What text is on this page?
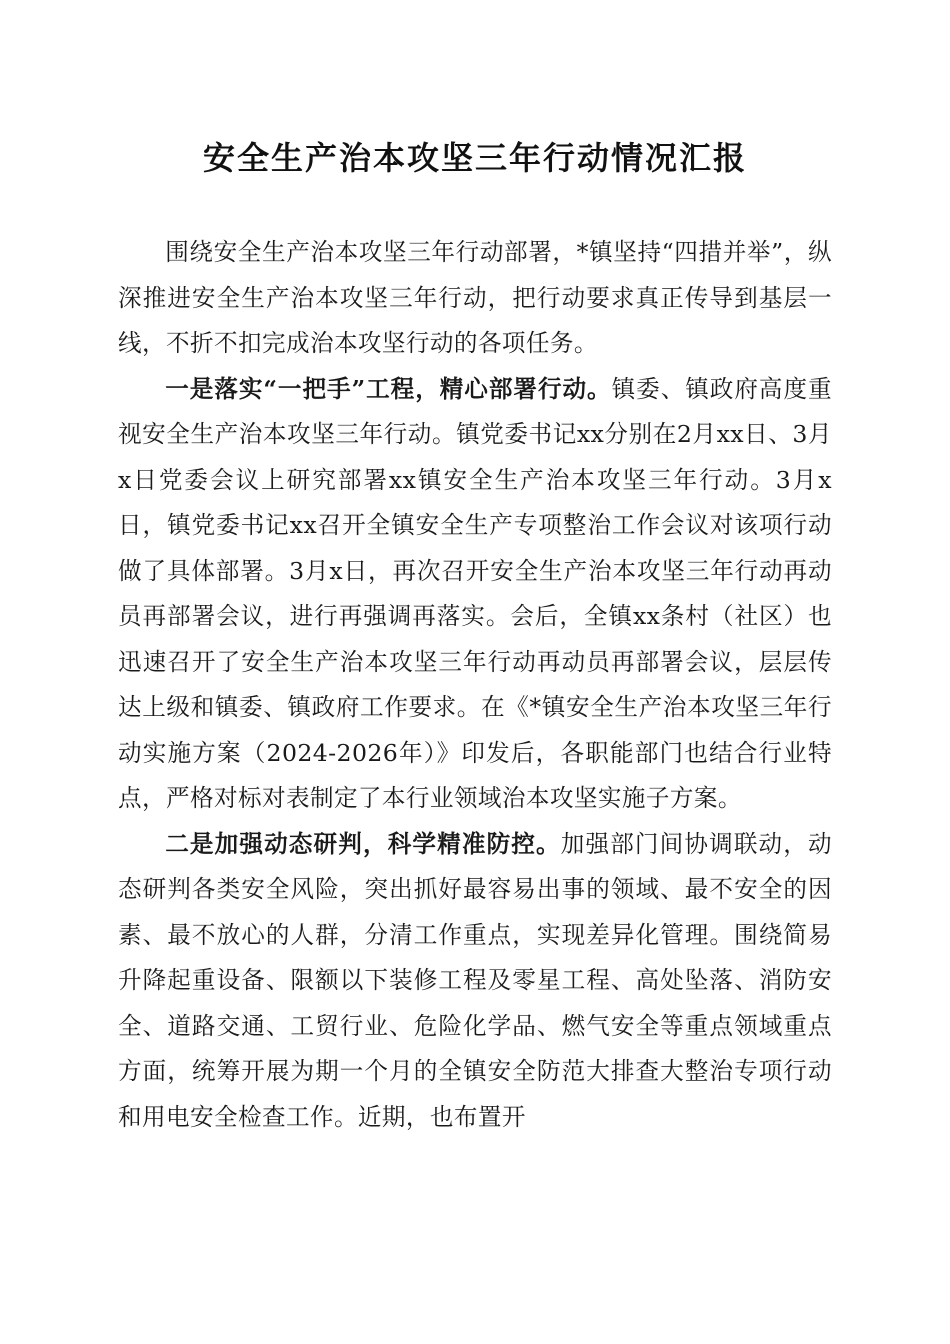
安全生产治本攻坚三年行动情况汇报

围绕安全生产治本攻坚三年行动部署，*镇坚持“四措并举”，纵深推进安全生产治本攻坚三年行动，把行动要求真正传导到基层一线，不折不扣完成治本攻坚行动的各项任务。

一是落实“一把手”工程，精心部署行动。镇委、镇政府高度重视安全生产治本攻坚三年行动。镇党委书记xx分别在2月xx日、3月x日党委会议上研究部署xx镇安全生产治本攻坚三年行动。3月x日，镇党委书记xx召开全镇安全生产专项整治工作会议对该项行动做了具体部署。3月x日，再次召开安全生产治本攻坚三年行动再动员再部署会议，进行再强调再落实。会后，全镇xx条村（社区）也迅速召开了安全生产治本攻坚三年行动再动员再部署会议，层层传达上级和镇委、镇政府工作要求。在《*镇安全生产治本攻坚三年行动实施方案（2024-2026年）》印发后，各职能部门也结合行业特点，严格对标对表制定了本行业领域治本攻坚实施子方案。

二是加强动态研判，科学精准防控。加强部门间协调联动，动态研判各类安全风险，突出抓好最容易出事的领域、最不安全的因素、最不放心的人群，分清工作重点，实现差异化管理。围绕简易升降起重设备、限额以下装修工程及零星工程、高处坠落、消防安全、道路交通、工贸行业、危险化学品、燃气安全等重点领域重点方面，统筹开展为期一个月的全镇安全防范大排查大整治专项行动和用电安全检查工作。近期，也布置开
